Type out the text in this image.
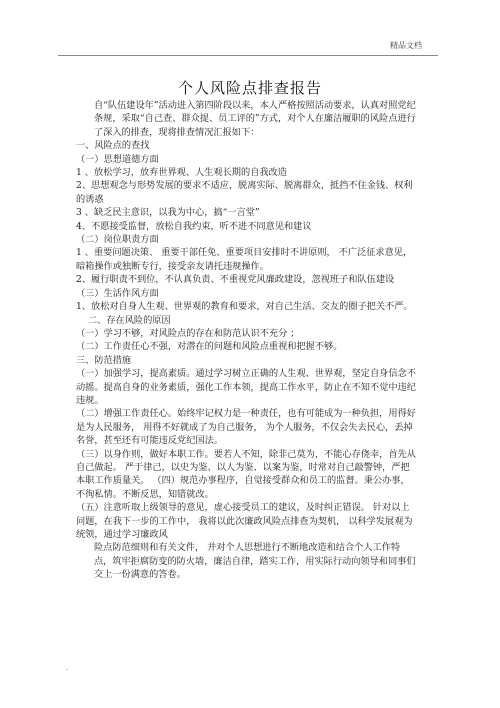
精品文档
个人风险点排查报告

自“队伍建设年”活动进入第四阶段以来，本人严格按照活动要求，认真对照党纪条规，采取“自己查、群众提、员工评的”方式，对个人在廉洁履职的风险点进行了深入的排查，现将排查情况汇报如下：

一、风险点的查找

（一）思想道德方面

1 、放松学习，放弃世界观、人生观长期的自我改造

2、思想观念与形势发展的要求不适应，脱离实际、脱离群众，抵挡不住金钱、权利的诱惑

3 、缺乏民主意识，以我为中心，搞“一言堂”

4、不愿接受监督，放松自我约束，听不进不同意见和建议

（二）岗位职责方面

1 、重要问题决策、 重要干部任免、重要项目安排时不讲原则， 不广泛征求意见，暗箱操作或独断专行，接受亲友请托违规操作。

2、履行职责不到位，不认真负责、不重视党风廉政建设，忽视班子和队伍建设

（三）生活作风方面

1、放松对自身人生观、世界观的教育和要求，对自己生活、交友的圈子把关不严。

二、存在风险的原因

（一）学习不够，对风险点的存在和防范认识不充分 ；

（二）工作责任心不强，对潜在的问题和风险点重视和把握不够。

三、防范措施

（一）加强学习，提高素质。通过学习树立正确的人生观、世界观，坚定自身信念不动摇。提高自身的业务素质，强化工作本领，提高工作水平，防止在不知不觉中违纪违规。

（二）增强工作责任心。始终牢记权力是一种责任，也有可能成为一种负担，用得好是为人民服务， 用得不好就成了为自己服务， 为个人服务，不仅会失去民心，丢掉名誉，甚至还有可能违反党纪国法。

（三）以身作则，做好本职工作。要若人不知，除非己莫为，不能心存侥幸，首先从自己做起。 严于律己，以史为鉴、以人为鉴、以案为鉴，时常对自己敲警钟，严把本职工作质量关。 （四）规范办事程序，自觉接受群众和员工的监督。秉公办事，不徇私情。不断反思，知错就改。

（五）注意听取上级领导的意见，虚心接受员工的建议，及时纠正错误。 针对以上问题，在我下一步的工作中， 我将以此次廉政风险点排查为契机， 以科学发展观为统领，通过学习廉政风

险点防范细则和有关文件， 并对个人思想进行不断地改造和结合个人工作特点，筑牢拒腐防变的防火墙，廉洁自律，踏实工作，用实际行动向领导和同事们交上一份满意的答卷。

.
